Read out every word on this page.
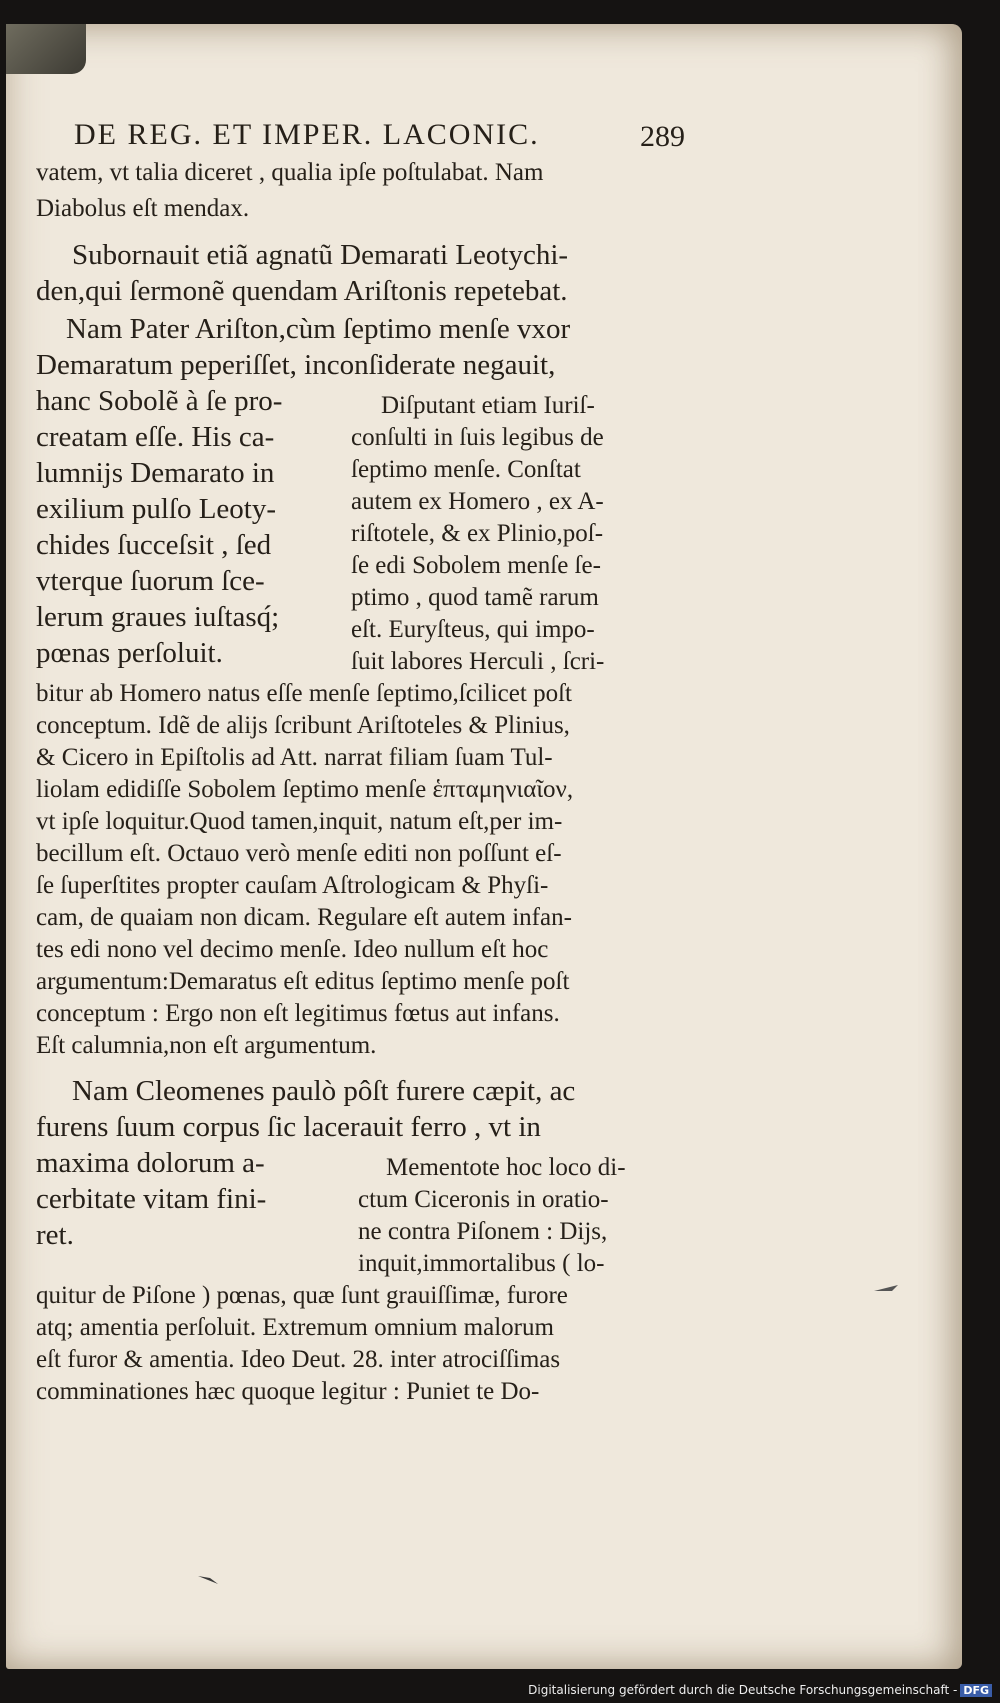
DE REG. ET IMPER. LACONIC.	289
vatem, vt talia diceret , qualia ipſe poſtulabat. Nam
Diabolus eſt mendax.
Subornauit etiã agnatũ Demarati Leotychi-
den,qui ſermonẽ quendam Ariſtonis repetebat.
Nam Pater Ariſton,cùm ſeptimo menſe vxor
Demaratum peperiſſet, inconſiderate negauit,
hanc Sobolẽ à ſe pro-
creatam eſſe. His ca-
lumnijs Demarato in
exilium pulſo Leoty-
chides ſucceſsit , ſed
vterque ſuorum ſce-
lerum graues iuſtasq́;
pœnas perſoluit.
Diſputant etiam Iuriſ-
conſulti in ſuis legibus de
ſeptimo menſe. Conſtat
autem ex Homero , ex A-
riſtotele, & ex Plinio,poſ-
ſe edi Sobolem menſe ſe-
ptimo , quod tamẽ rarum
eſt. Euryſteus, qui impo-
ſuit labores Herculi , ſcri-
bitur ab Homero natus eſſe menſe ſeptimo,ſcilicet poſt
conceptum. Idẽ de alijs ſcribunt Ariſtoteles & Plinius,
& Cicero in Epiſtolis ad Att. narrat filiam ſuam Tul-
liolam edidiſſe Sobolem ſeptimo menſe ἑπταμηνιαῖον,
vt ipſe loquitur.Quod tamen,inquit, natum eſt,per im-
becillum eſt. Octauo verò menſe editi non poſſunt eſ-
ſe ſuperſtites propter cauſam Aſtrologicam & Phyſi-
cam, de quaiam non dicam. Regulare eſt autem infan-
tes edi nono vel decimo menſe. Ideo nullum eſt hoc
argumentum:Demaratus eſt editus ſeptimo menſe poſt
conceptum : Ergo non eſt legitimus fœtus aut infans.
Eſt calumnia,non eſt argumentum.
Nam Cleomenes paulò pôſt furere cæpit, ac
furens ſuum corpus ſic lacerauit ferro , vt in
maxima dolorum a-
cerbitate vitam fini-
ret.
Mementote hoc loco di-
ctum Ciceronis in oratio-
ne contra Piſonem : Dijs,
inquit,immortalibus ( lo-
quitur de Piſone ) pœnas, quæ ſunt grauiſſimæ, furore
atq; amentia perſoluit. Extremum omnium malorum
eſt furor & amentia. Ideo Deut. 28. inter atrociſſimas
comminationes hæc quoque legitur : Puniet te Do-
Digitalisierung gefördert durch die Deutsche Forschungsgemeinschaft - DFG
